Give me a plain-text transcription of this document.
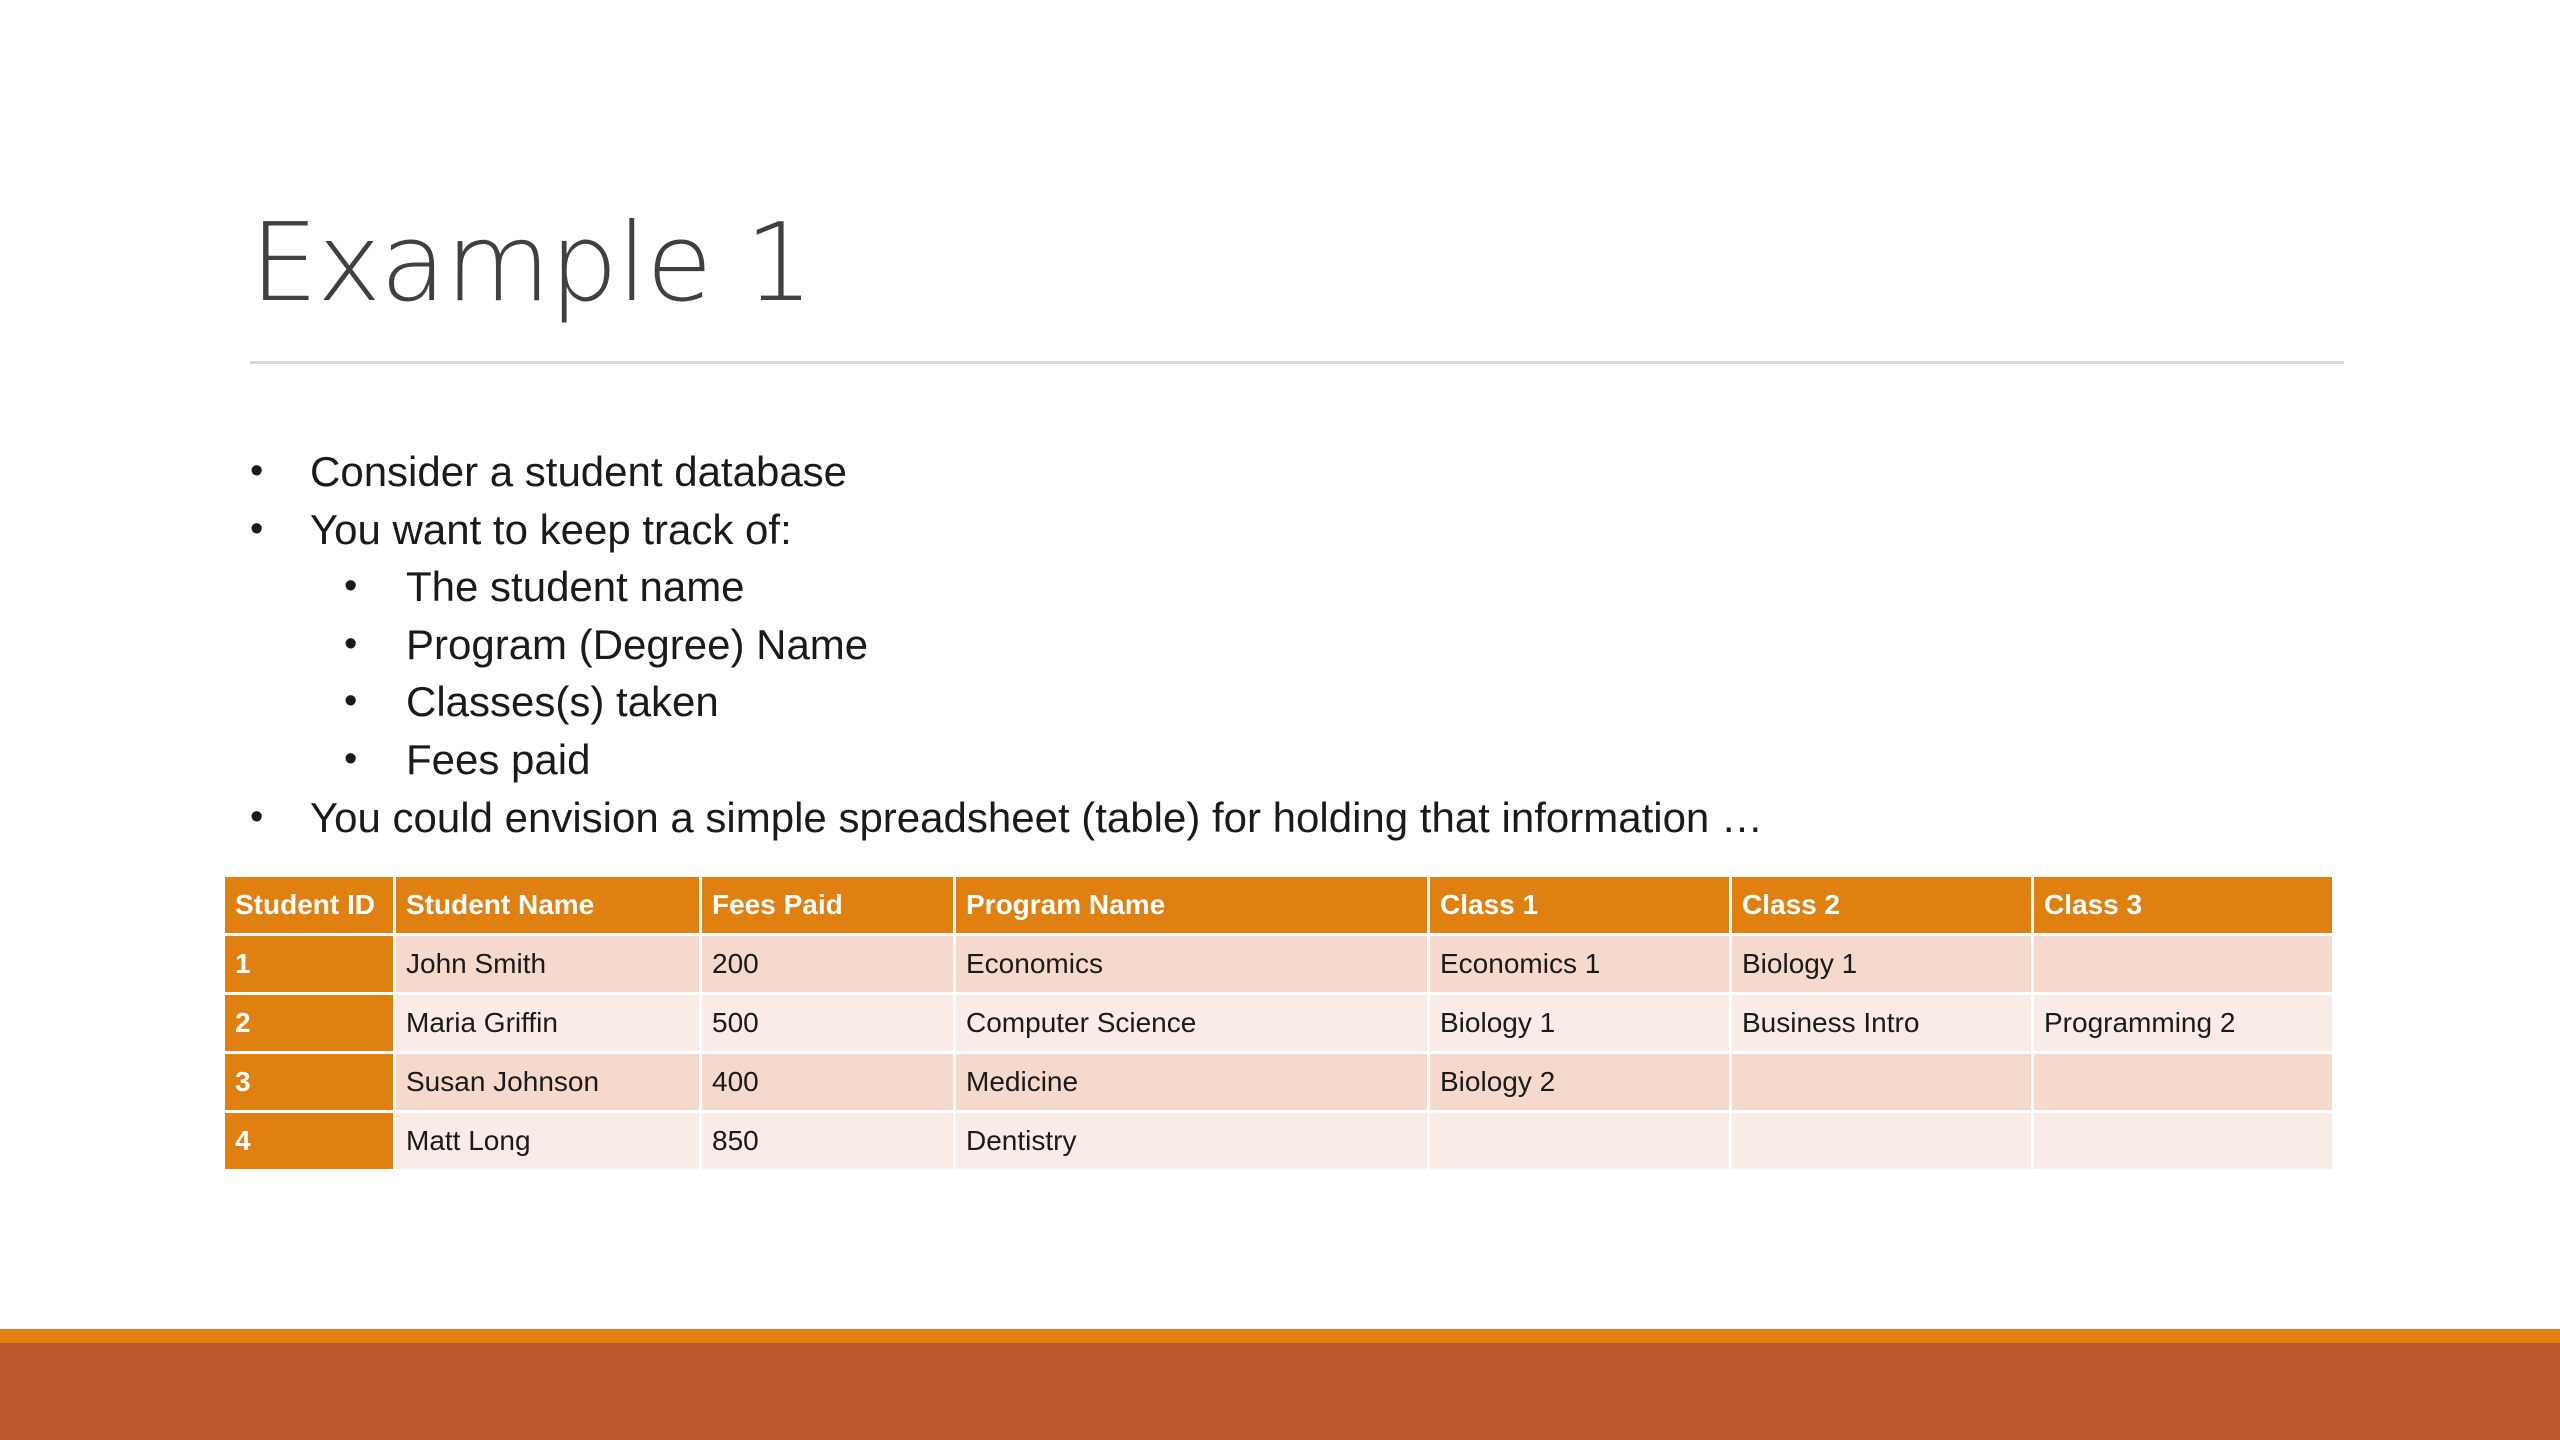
Example 1
• Consider a student database
• You want to keep track of:
• The student name
• Program (Degree) Name
• Classes(s) taken
• Fees paid
• You could envision a simple spreadsheet (table) for holding that information …
Student ID	Student Name	Fees Paid	Program Name	Class 1	Class 2	Class 3
1	John Smith	200	Economics	Economics 1	Biology 1	
2	Maria Griffin	500	Computer Science	Biology 1	Business Intro	Programming 2
3	Susan Johnson	400	Medicine	Biology 2		
4	Matt Long	850	Dentistry			
